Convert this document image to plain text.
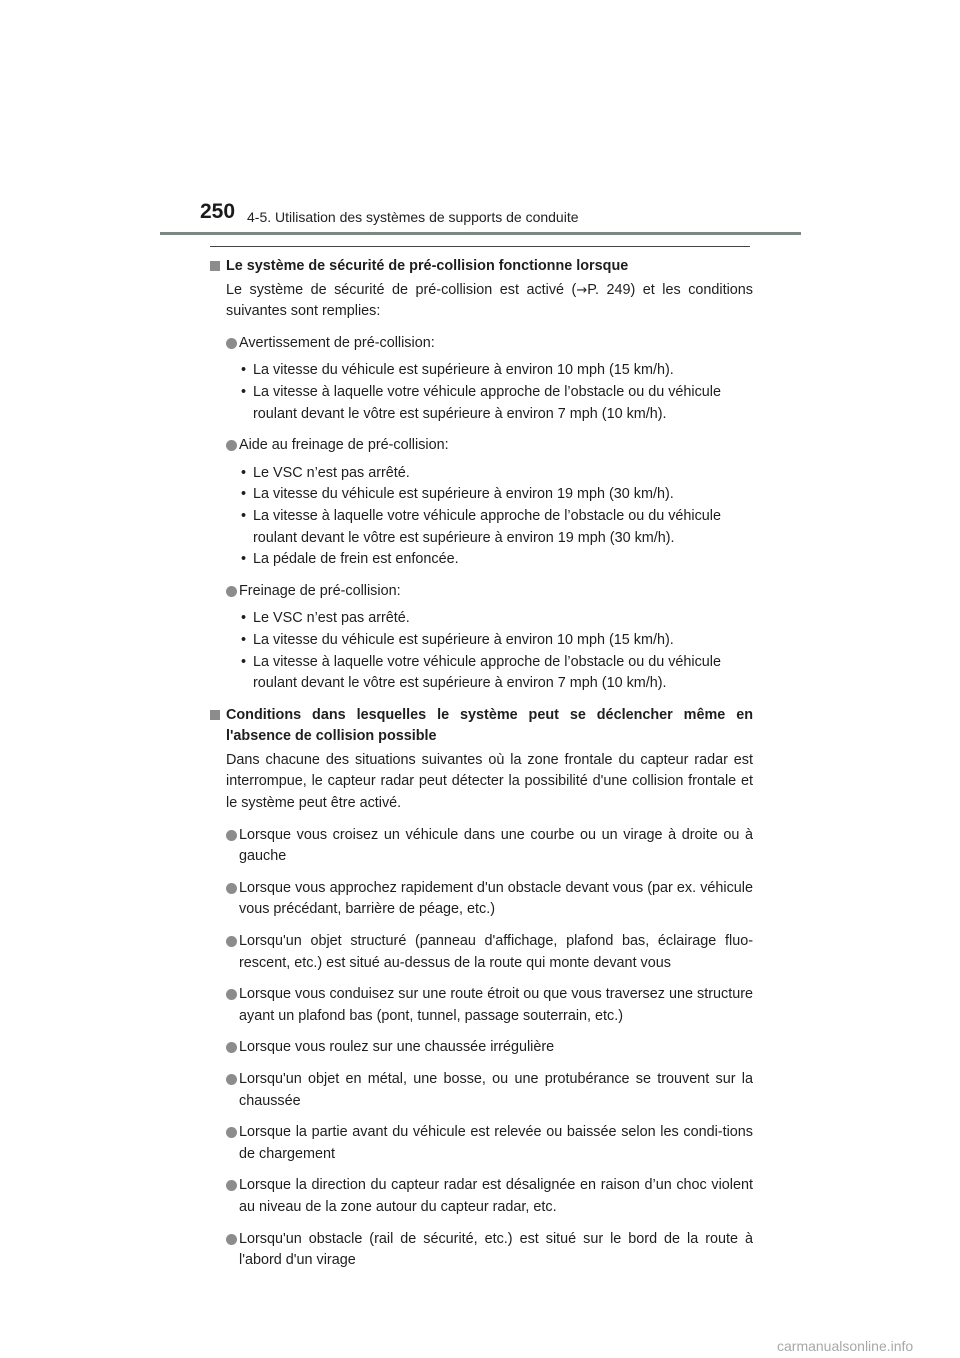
250 4-5. Utilisation des systèmes de supports de conduite
Le système de sécurité de pré-collision fonctionne lorsque
Le système de sécurité de pré-collision est activé (→P. 249) et les conditions suivantes sont remplies:
Avertissement de pré-collision:
• La vitesse du véhicule est supérieure à environ 10 mph (15 km/h).
• La vitesse à laquelle votre véhicule approche de l’obstacle ou du véhicule roulant devant le vôtre est supérieure à environ 7 mph (10 km/h).
Aide au freinage de pré-collision:
• Le VSC n’est pas arrêté.
• La vitesse du véhicule est supérieure à environ 19 mph (30 km/h).
• La vitesse à laquelle votre véhicule approche de l’obstacle ou du véhicule roulant devant le vôtre est supérieure à environ 19 mph (30 km/h).
• La pédale de frein est enfoncée.
Freinage de pré-collision:
• Le VSC n’est pas arrêté.
• La vitesse du véhicule est supérieure à environ 10 mph (15 km/h).
• La vitesse à laquelle votre véhicule approche de l’obstacle ou du véhicule roulant devant le vôtre est supérieure à environ 7 mph (10 km/h).
Conditions dans lesquelles le système peut se déclencher même en l'absence de collision possible
Dans chacune des situations suivantes où la zone frontale du capteur radar est interrompue, le capteur radar peut détecter la possibilité d'une collision frontale et le système peut être activé.
Lorsque vous croisez un véhicule dans une courbe ou un virage à droite ou à gauche
Lorsque vous approchez rapidement d'un obstacle devant vous (par ex. véhicule vous précédant, barrière de péage, etc.)
Lorsqu'un objet structuré (panneau d'affichage, plafond bas, éclairage fluo-rescent, etc.) est situé au-dessus de la route qui monte devant vous
Lorsque vous conduisez sur une route étroit ou que vous traversez une structure ayant un plafond bas (pont, tunnel, passage souterrain, etc.)
Lorsque vous roulez sur une chaussée irrégulière
Lorsqu'un objet en métal, une bosse, ou une protubérance se trouvent sur la chaussée
Lorsque la partie avant du véhicule est relevée ou baissée selon les condi-tions de chargement
Lorsque la direction du capteur radar est désalignée en raison d’un choc violent au niveau de la zone autour du capteur radar, etc.
Lorsqu'un obstacle (rail de sécurité, etc.) est situé sur le bord de la route à l'abord d'un virage
carmanualsonline.info
